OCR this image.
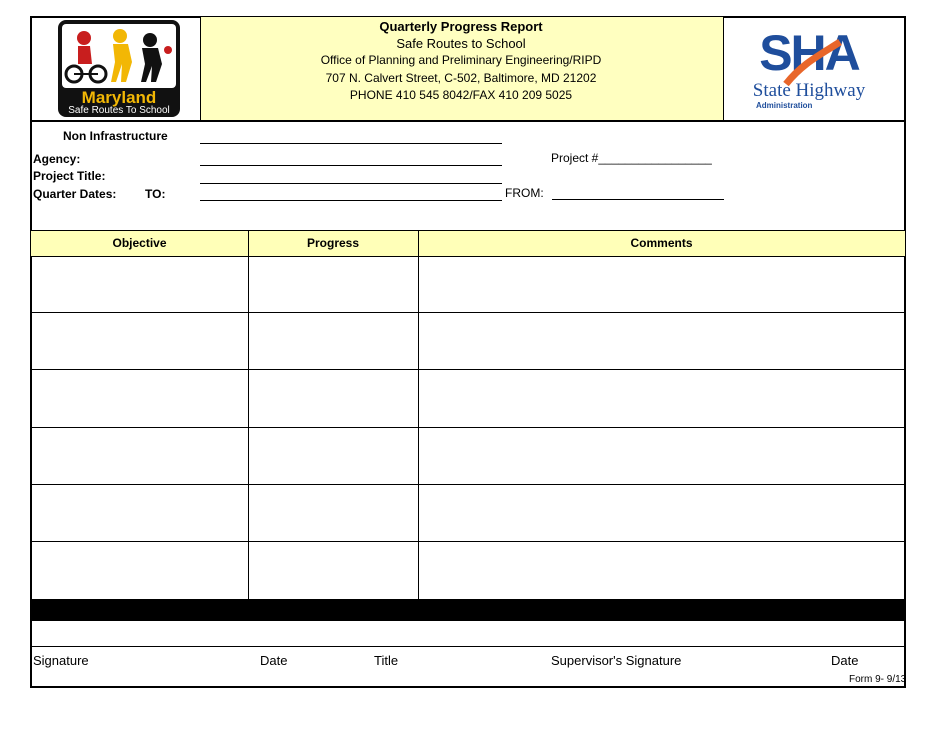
Quarterly Progress Report
Safe Routes to School
Office of Planning and Preliminary Engineering/RIPD
707 N. Calvert Street, C-502, Baltimore, MD 21202
PHONE 410 545 8042/FAX 410 209 5025
Maryland
Safe Routes To School
SHA
State Highway
Administration
Non Infrastructure
Agency:
Project Title:
Quarter Dates: TO:
Project #_________________
FROM:
Objective	Progress	Comments
Signature	Date	Title	Supervisor's Signature	Date
Form 9- 9/13
